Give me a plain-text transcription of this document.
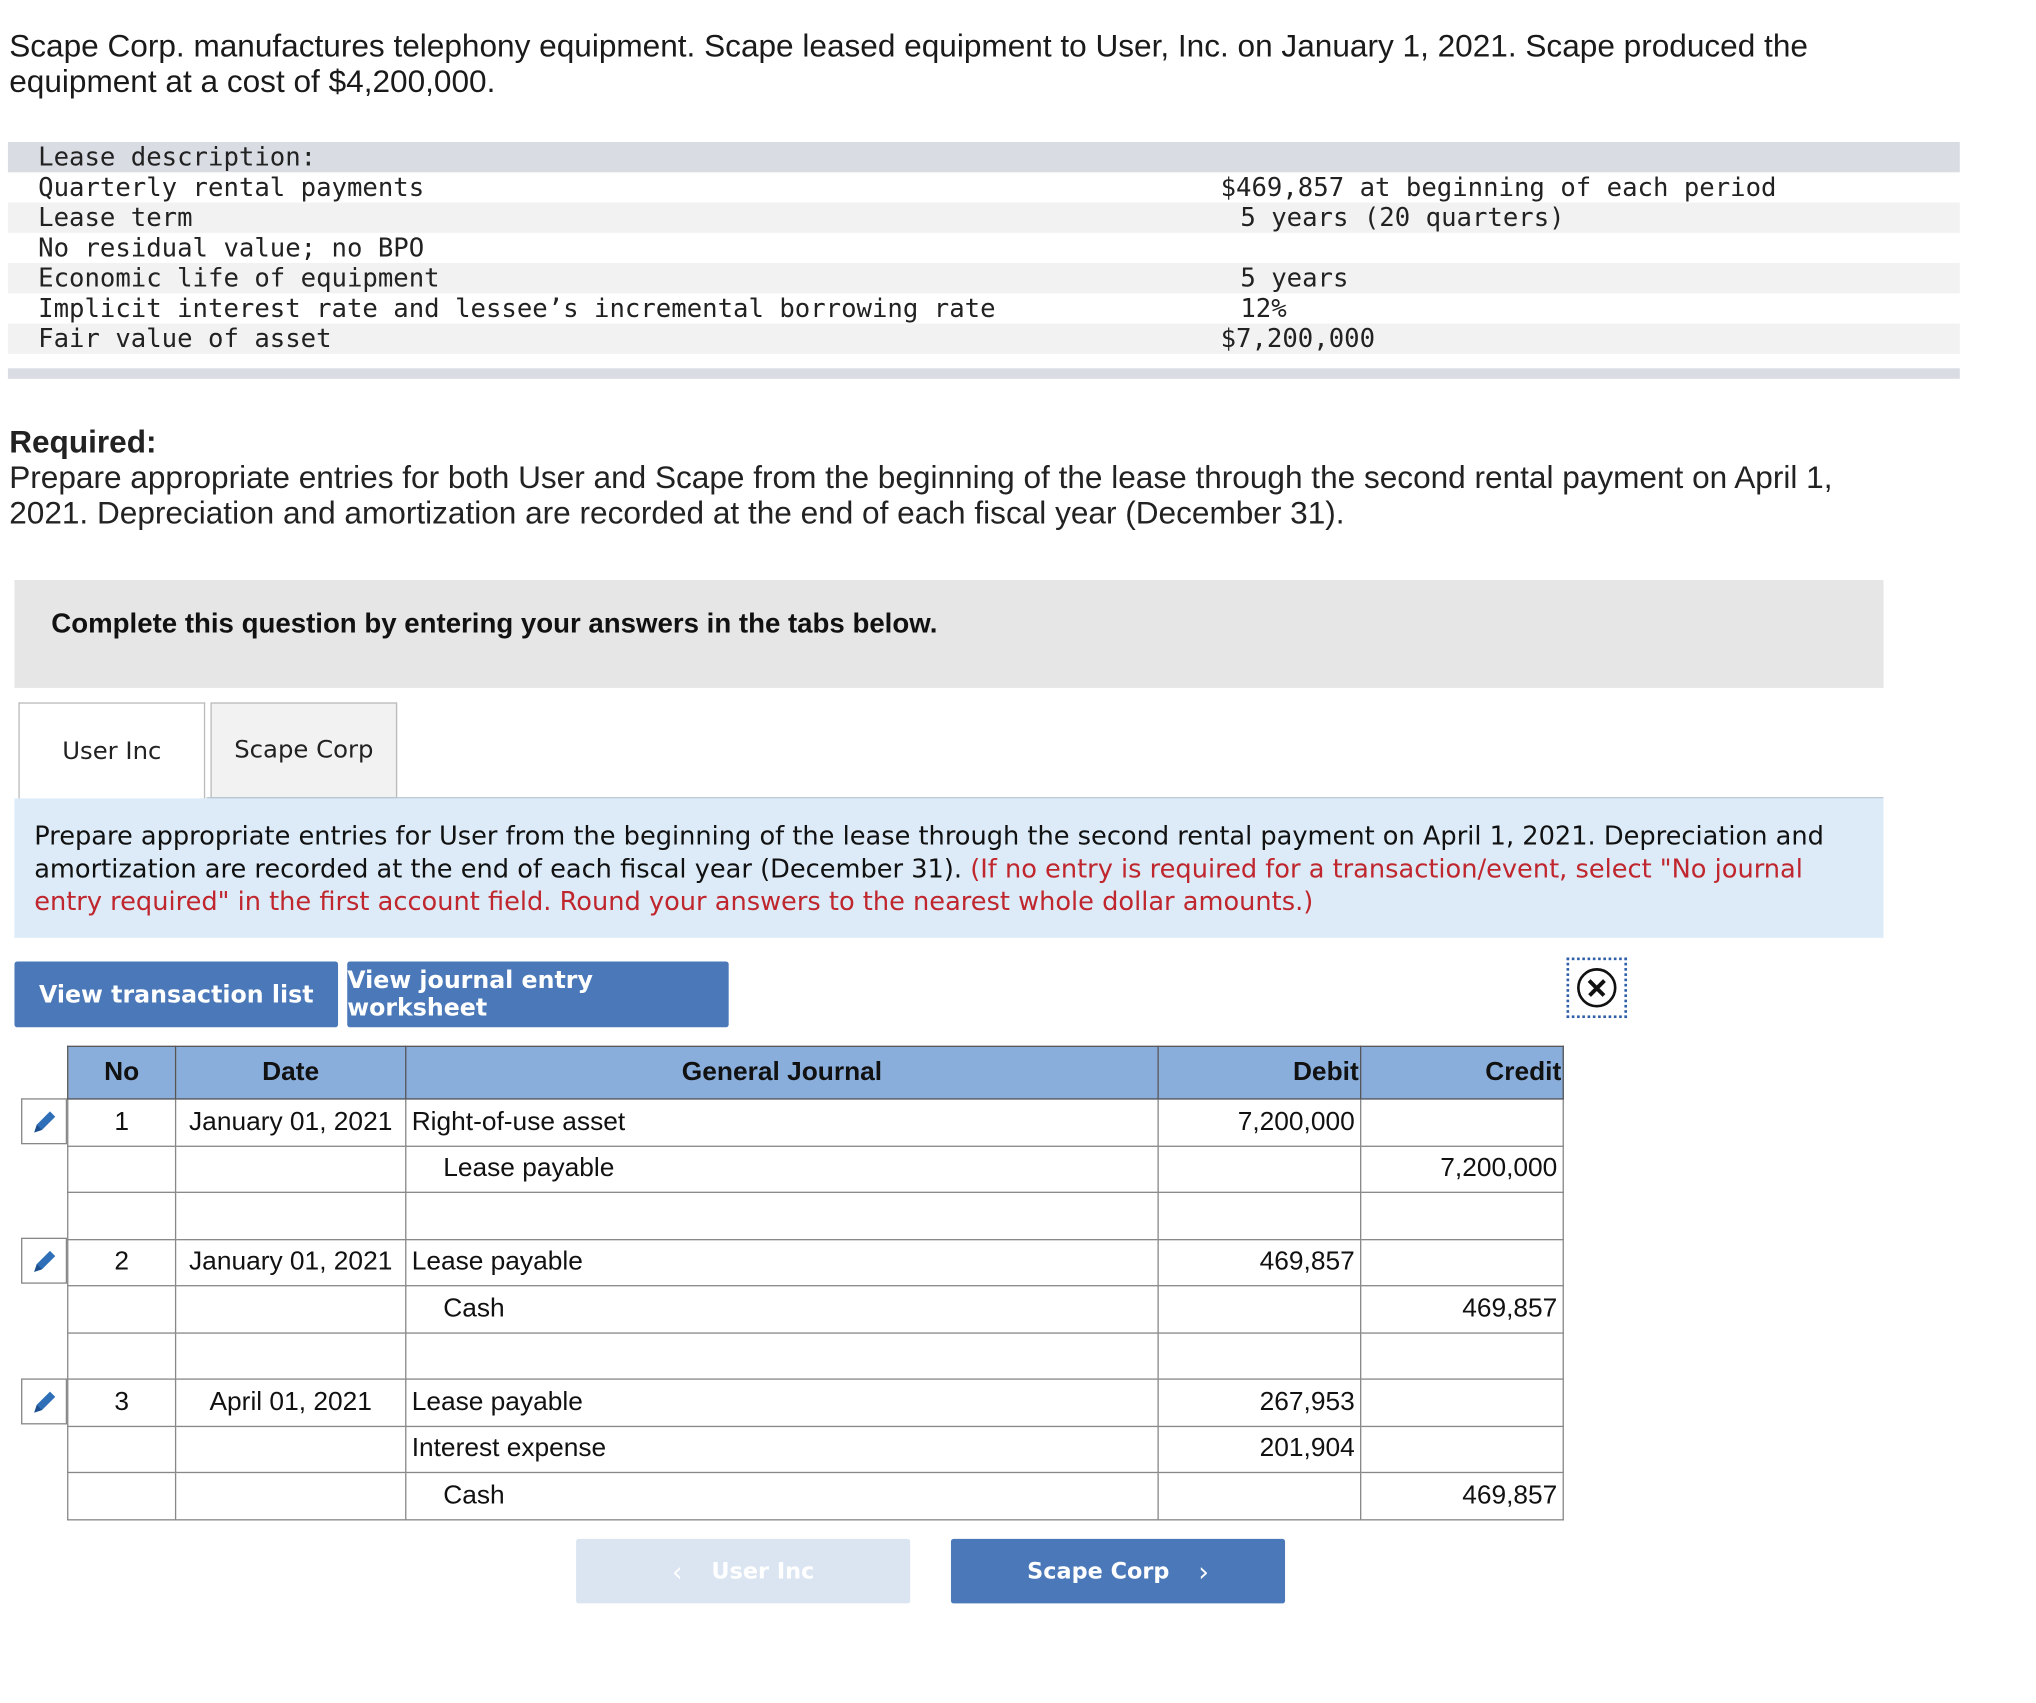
Scape Corp. manufactures telephony equipment. Scape leased equipment to User, Inc. on January 1, 2021. Scape produced the equipment at a cost of $4,200,000.
Lease description:
Quarterly rental payments	$469,857 at beginning of each period
Lease term	5 years (20 quarters)
No residual value; no BPO
Economic life of equipment	5 years
Implicit interest rate and lessee’s incremental borrowing rate	12%
Fair value of asset	$7,200,000
Required:
Prepare appropriate entries for both User and Scape from the beginning of the lease through the second rental payment on April 1, 2021. Depreciation and amortization are recorded at the end of each fiscal year (December 31).
Complete this question by entering your answers in the tabs below.
User Inc	Scape Corp

Prepare appropriate entries for User from the beginning of the lease through the second rental payment on April 1, 2021. Depreciation and amortization are recorded at the end of each fiscal year (December 31). (If no entry is required for a transaction/event, select "No journal entry required" in the first account field. Round your answers to the nearest whole dollar amounts.)

View transaction list	View journal entry worksheet
No	Date	General Journal	Debit	Credit
1	January 01, 2021	Right-of-use asset	7,200,000	
		Lease payable		7,200,000

2	January 01, 2021	Lease payable	469,857	
		Cash		469,857

3	April 01, 2021	Lease payable	267,953	
		Interest expense	201,904	
		Cash		469,857
‹ User Inc	Scape Corp ›
